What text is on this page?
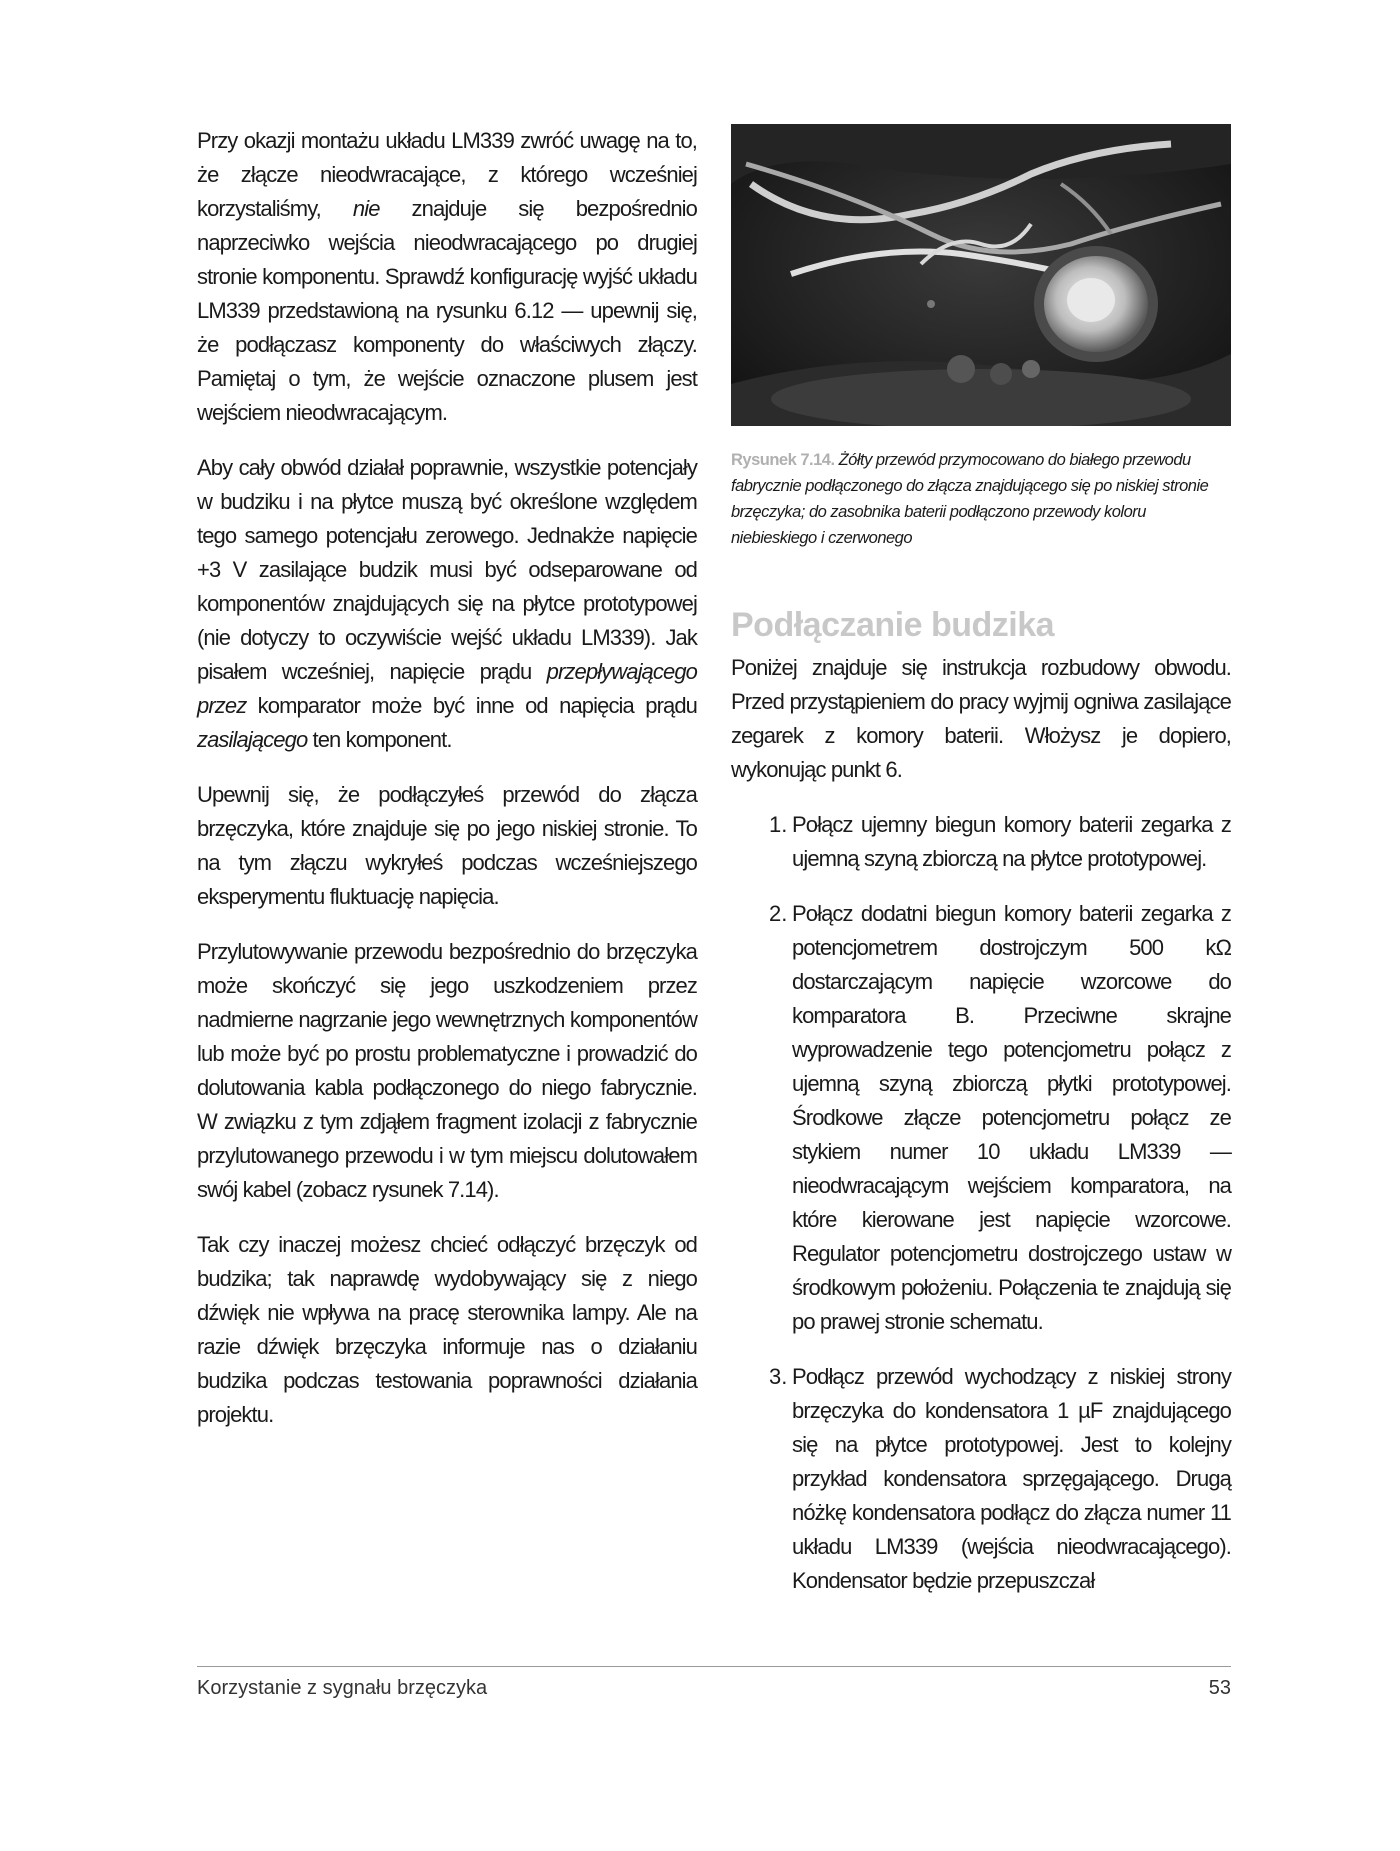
Przy okazji montażu układu LM339 zwróć uwagę na to, że złącze nieodwracające, z którego wcześniej korzystaliśmy, nie znajduje się bezpośrednio naprzeciwko wejścia nieodwracającego po drugiej stronie komponentu. Sprawdź konfigurację wyjść układu LM339 przedstawioną na rysunku 6.12 — upewnij się, że podłączasz komponenty do właściwych złączy. Pamiętaj o tym, że wejście oznaczone plusem jest wejściem nieodwracającym.

Aby cały obwód działał poprawnie, wszystkie potencjały w budziku i na płytce muszą być określone względem tego samego potencjału zerowego. Jednakże napięcie +3 V zasilające budzik musi być odseparowane od komponentów znajdujących się na płytce prototypowej (nie dotyczy to oczywiście wejść układu LM339). Jak pisałem wcześniej, napięcie prądu przepływającego przez komparator może być inne od napięcia prądu zasilającego ten komponent.

Upewnij się, że podłączyłeś przewód do złącza brzęczyka, które znajduje się po jego niskiej stronie. To na tym złączu wykryłeś podczas wcześniejszego eksperymentu fluktuację napięcia.

Przylutowywanie przewodu bezpośrednio do brzęczyka może skończyć się jego uszkodzeniem przez nadmierne nagrzanie jego wewnętrznych komponentów lub może być po prostu problematyczne i prowadzić do dolutowania kabla podłączonego do niego fabrycznie. W związku z tym zdjąłem fragment izolacji z fabrycznie przylutowanego przewodu i w tym miejscu dolutowałem swój kabel (zobacz rysunek 7.14).

Tak czy inaczej możesz chcieć odłączyć brzęczyk od budzika; tak naprawdę wydobywający się z niego dźwięk nie wpływa na pracę sterownika lampy. Ale na razie dźwięk brzęczyka informuje nas o działaniu budzika podczas testowania poprawności działania projektu.

Rysunek 7.14. Żółty przewód przymocowano do białego przewodu fabrycznie podłączonego do złącza znajdującego się po niskiej stronie brzęczyka; do zasobnika baterii podłączono przewody koloru niebieskiego i czerwonego

Podłączanie budzika

Poniżej znajduje się instrukcja rozbudowy obwodu. Przed przystąpieniem do pracy wyjmij ogniwa zasilające zegarek z komory baterii. Włożysz je dopiero, wykonując punkt 6.

1. Połącz ujemny biegun komory baterii zegarka z ujemną szyną zbiorczą na płytce prototypowej.

2. Połącz dodatni biegun komory baterii zegarka z potencjometrem dostrojczym 500 kΩ dostarczającym napięcie wzorcowe do komparatora B. Przeciwne skrajne wyprowadzenie tego potencjometru połącz z ujemną szyną zbiorczą płytki prototypowej. Środkowe złącze potencjometru połącz ze stykiem numer 10 układu LM339 — nieodwracającym wejściem komparatora, na które kierowane jest napięcie wzorcowe. Regulator potencjometru dostrojczego ustaw w środkowym położeniu. Połączenia te znajdują się po prawej stronie schematu.

3. Podłącz przewód wychodzący z niskiej strony brzęczyka do kondensatora 1 µF znajdującego się na płytce prototypowej. Jest to kolejny przykład kondensatora sprzęgającego. Drugą nóżkę kondensatora podłącz do złącza numer 11 układu LM339 (wejścia nieodwracającego). Kondensator będzie przepuszczał

Korzystanie z sygnału brzęczyka	53
